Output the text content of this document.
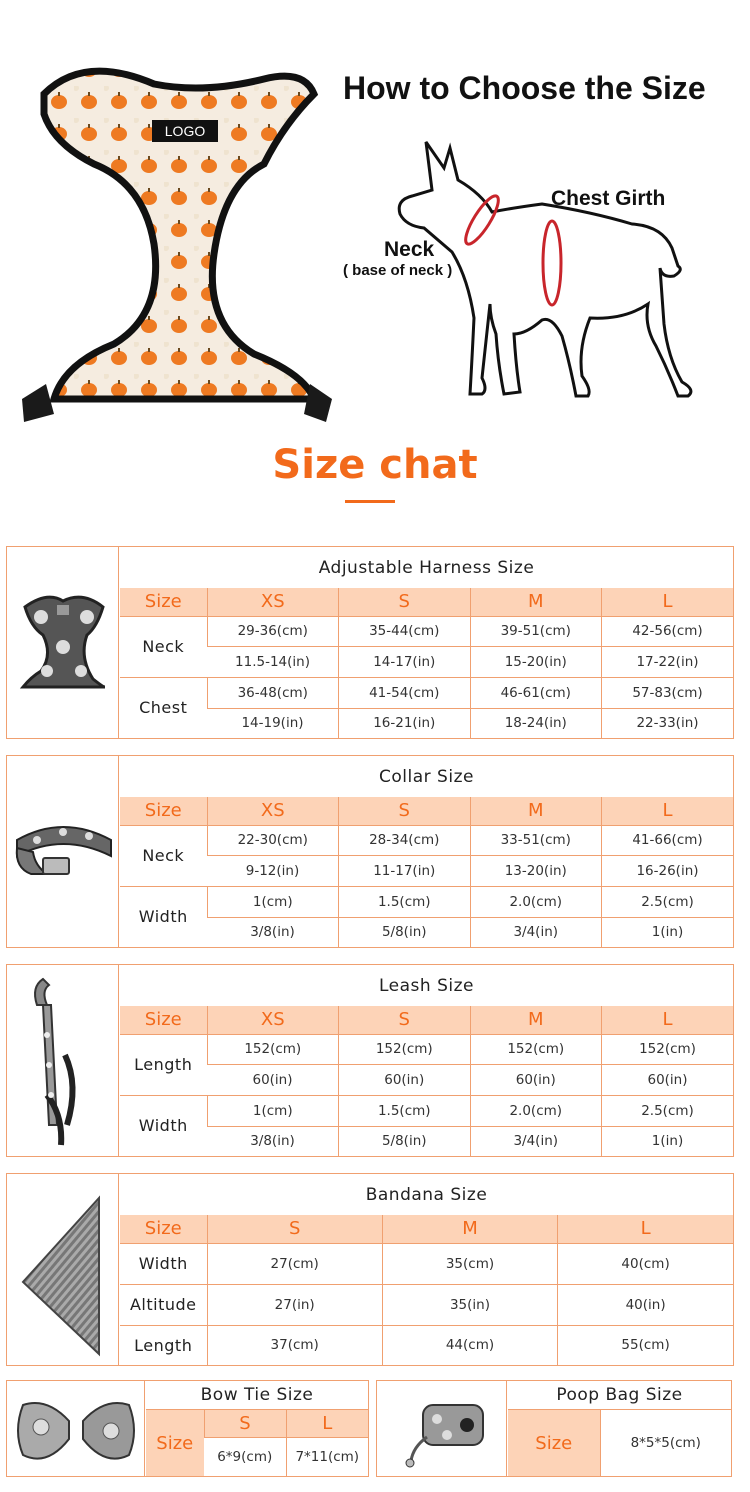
LOGO
How to Choose the Size
Chest Girth
Neck
( base of neck )
Size chat
Adjustable Harness Size
Size	XS	S	M	L
Neck	29-36(cm)	35-44(cm)	39-51(cm)	42-56(cm)
	11.5-14(in)	14-17(in)	15-20(in)	17-22(in)
Chest	36-48(cm)	41-54(cm)	46-61(cm)	57-83(cm)
	14-19(in)	16-21(in)	18-24(in)	22-33(in)
Collar Size
Size	XS	S	M	L
Neck	22-30(cm)	28-34(cm)	33-51(cm)	41-66(cm)
	9-12(in)	11-17(in)	13-20(in)	16-26(in)
Width	1(cm)	1.5(cm)	2.0(cm)	2.5(cm)
	3/8(in)	5/8(in)	3/4(in)	1(in)
Leash Size
Size	XS	S	M	L
Length	152(cm)	152(cm)	152(cm)	152(cm)
	60(in)	60(in)	60(in)	60(in)
Width	1(cm)	1.5(cm)	2.0(cm)	2.5(cm)
	3/8(in)	5/8(in)	3/4(in)	1(in)
Bandana Size
Size	S	M	L
Width	27(cm)	35(cm)	40(cm)
Altitude	27(in)	35(in)	40(in)
Length	37(cm)	44(cm)	55(cm)
Bow Tie Size
Size	S	L
	6*9(cm)	7*11(cm)
Poop Bag Size
Size	8*5*5(cm)
